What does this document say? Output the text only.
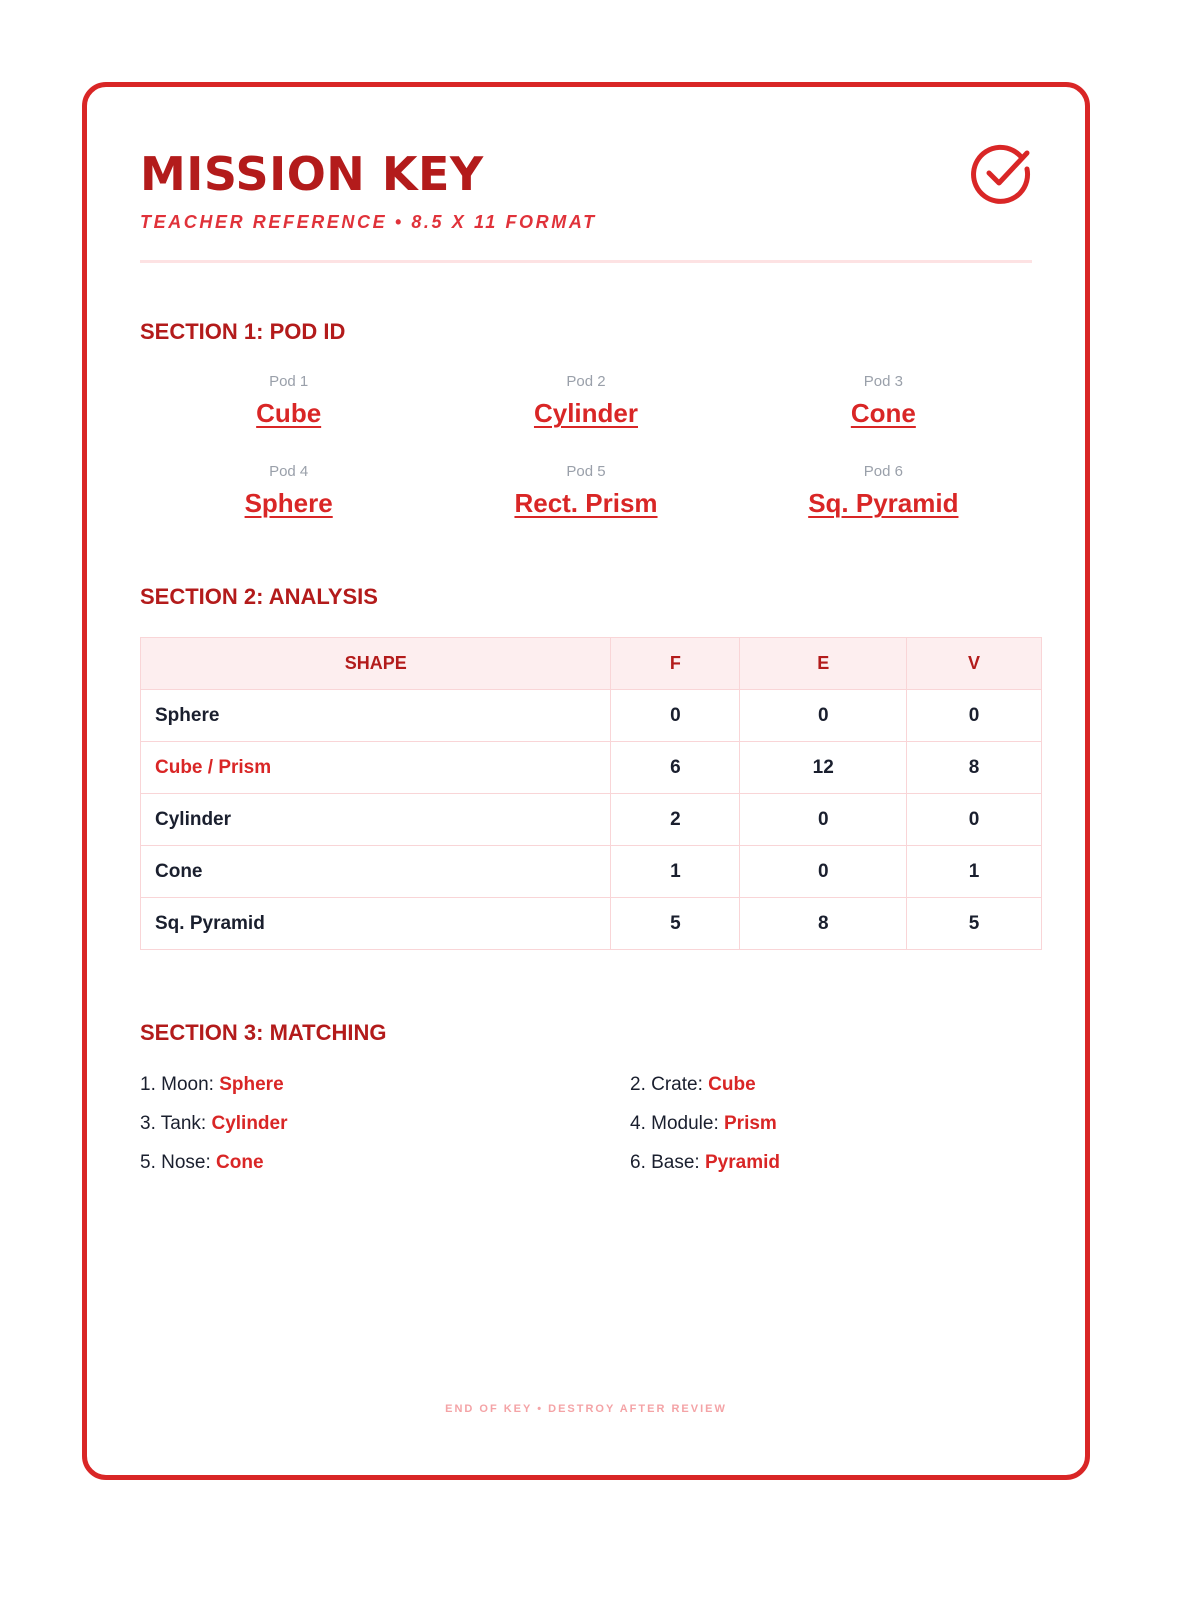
MISSION KEY
TEACHER REFERENCE • 8.5 X 11 FORMAT
SECTION 1: POD ID
Pod 1
Cube
Pod 2
Cylinder
Pod 3
Cone
Pod 4
Sphere
Pod 5
Rect. Prism
Pod 6
Sq. Pyramid
SECTION 2: ANALYSIS
SHAPE	F	E	V
Sphere	0	0	0
Cube / Prism	6	12	8
Cylinder	2	0	0
Cone	1	0	1
Sq. Pyramid	5	8	5
SECTION 3: MATCHING
1. Moon: Sphere	2. Crate: Cube
3. Tank: Cylinder	4. Module: Prism
5. Nose: Cone	6. Base: Pyramid
END OF KEY • DESTROY AFTER REVIEW
